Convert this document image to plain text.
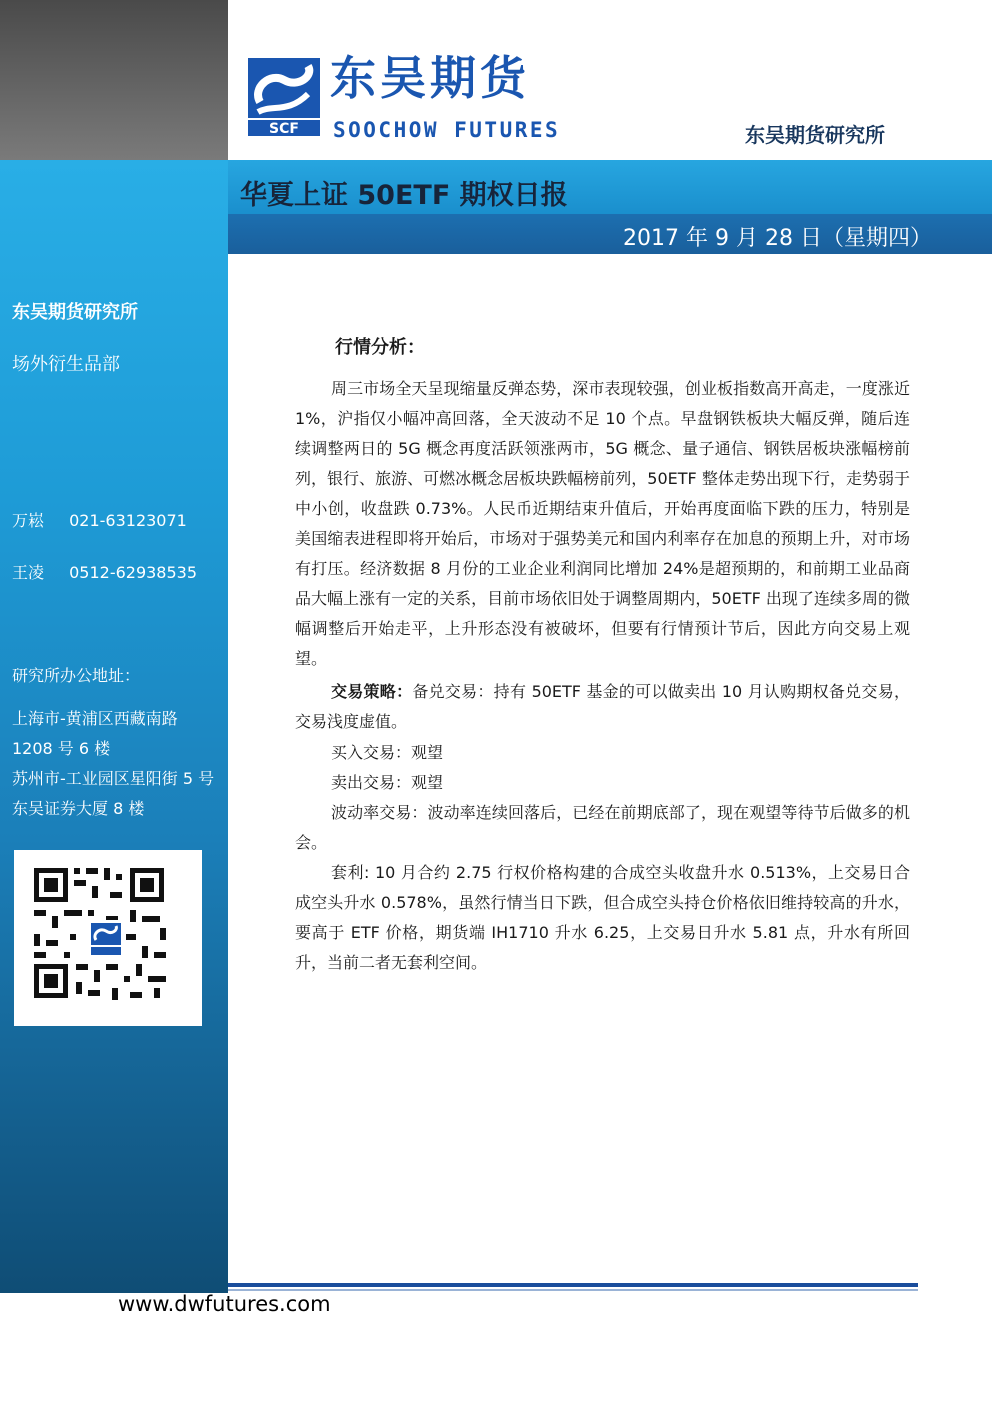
SCF
东吴期货
SOOCHOW FUTURES	东吴期货研究所
华夏上证 50ETF 期权日报
2017 年 9 月 28 日（星期四）
东吴期货研究所
场外衍生品部
万崧 021-63123071
王凌 0512-62938535
研究所办公地址：
上海市-黄浦区西藏南路
1208 号 6 楼
苏州市-工业园区星阳街 5 号
东吴证券大厦 8 楼
行情分析：

周三市场全天呈现缩量反弹态势，深市表现较强，创业板指数高开高走，一度涨近 1%，沪指仅小幅冲高回落，全天波动不足 10 个点。早盘钢铁板块大幅反弹，随后连续调整两日的 5G 概念再度活跃领涨两市，5G 概念、量子通信、钢铁居板块涨幅榜前列，银行、旅游、可燃冰概念居板块跌幅榜前列，50ETF 整体走势出现下行，走势弱于中小创，收盘跌 0.73%。人民币近期结束升值后，开始再度面临下跌的压力，特别是美国缩表进程即将开始后，市场对于强势美元和国内利率存在加息的预期上升，对市场有打压。经济数据 8 月份的工业企业利润同比增加 24%是超预期的，和前期工业品商品大幅上涨有一定的关系，目前市场依旧处于调整周期内，50ETF 出现了连续多周的微幅调整后开始走平，上升形态没有被破坏，但要有行情预计节后，因此方向交易上观望。

交易策略：备兑交易：持有 50ETF 基金的可以做卖出 10 月认购期权备兑交易，交易浅度虚值。

买入交易：观望

卖出交易：观望

波动率交易：波动率连续回落后，已经在前期底部了，现在观望等待节后做多的机会。

套利: 10 月合约 2.75 行权价格构建的合成空头收盘升水 0.513%，上交易日合成空头升水 0.578%，虽然行情当日下跌，但合成空头持仓价格依旧维持较高的升水，要高于 ETF 价格，期货端 IH1710 升水 6.25，上交易日升水 5.81 点，升水有所回升，当前二者无套利空间。

www.dwfutures.com
